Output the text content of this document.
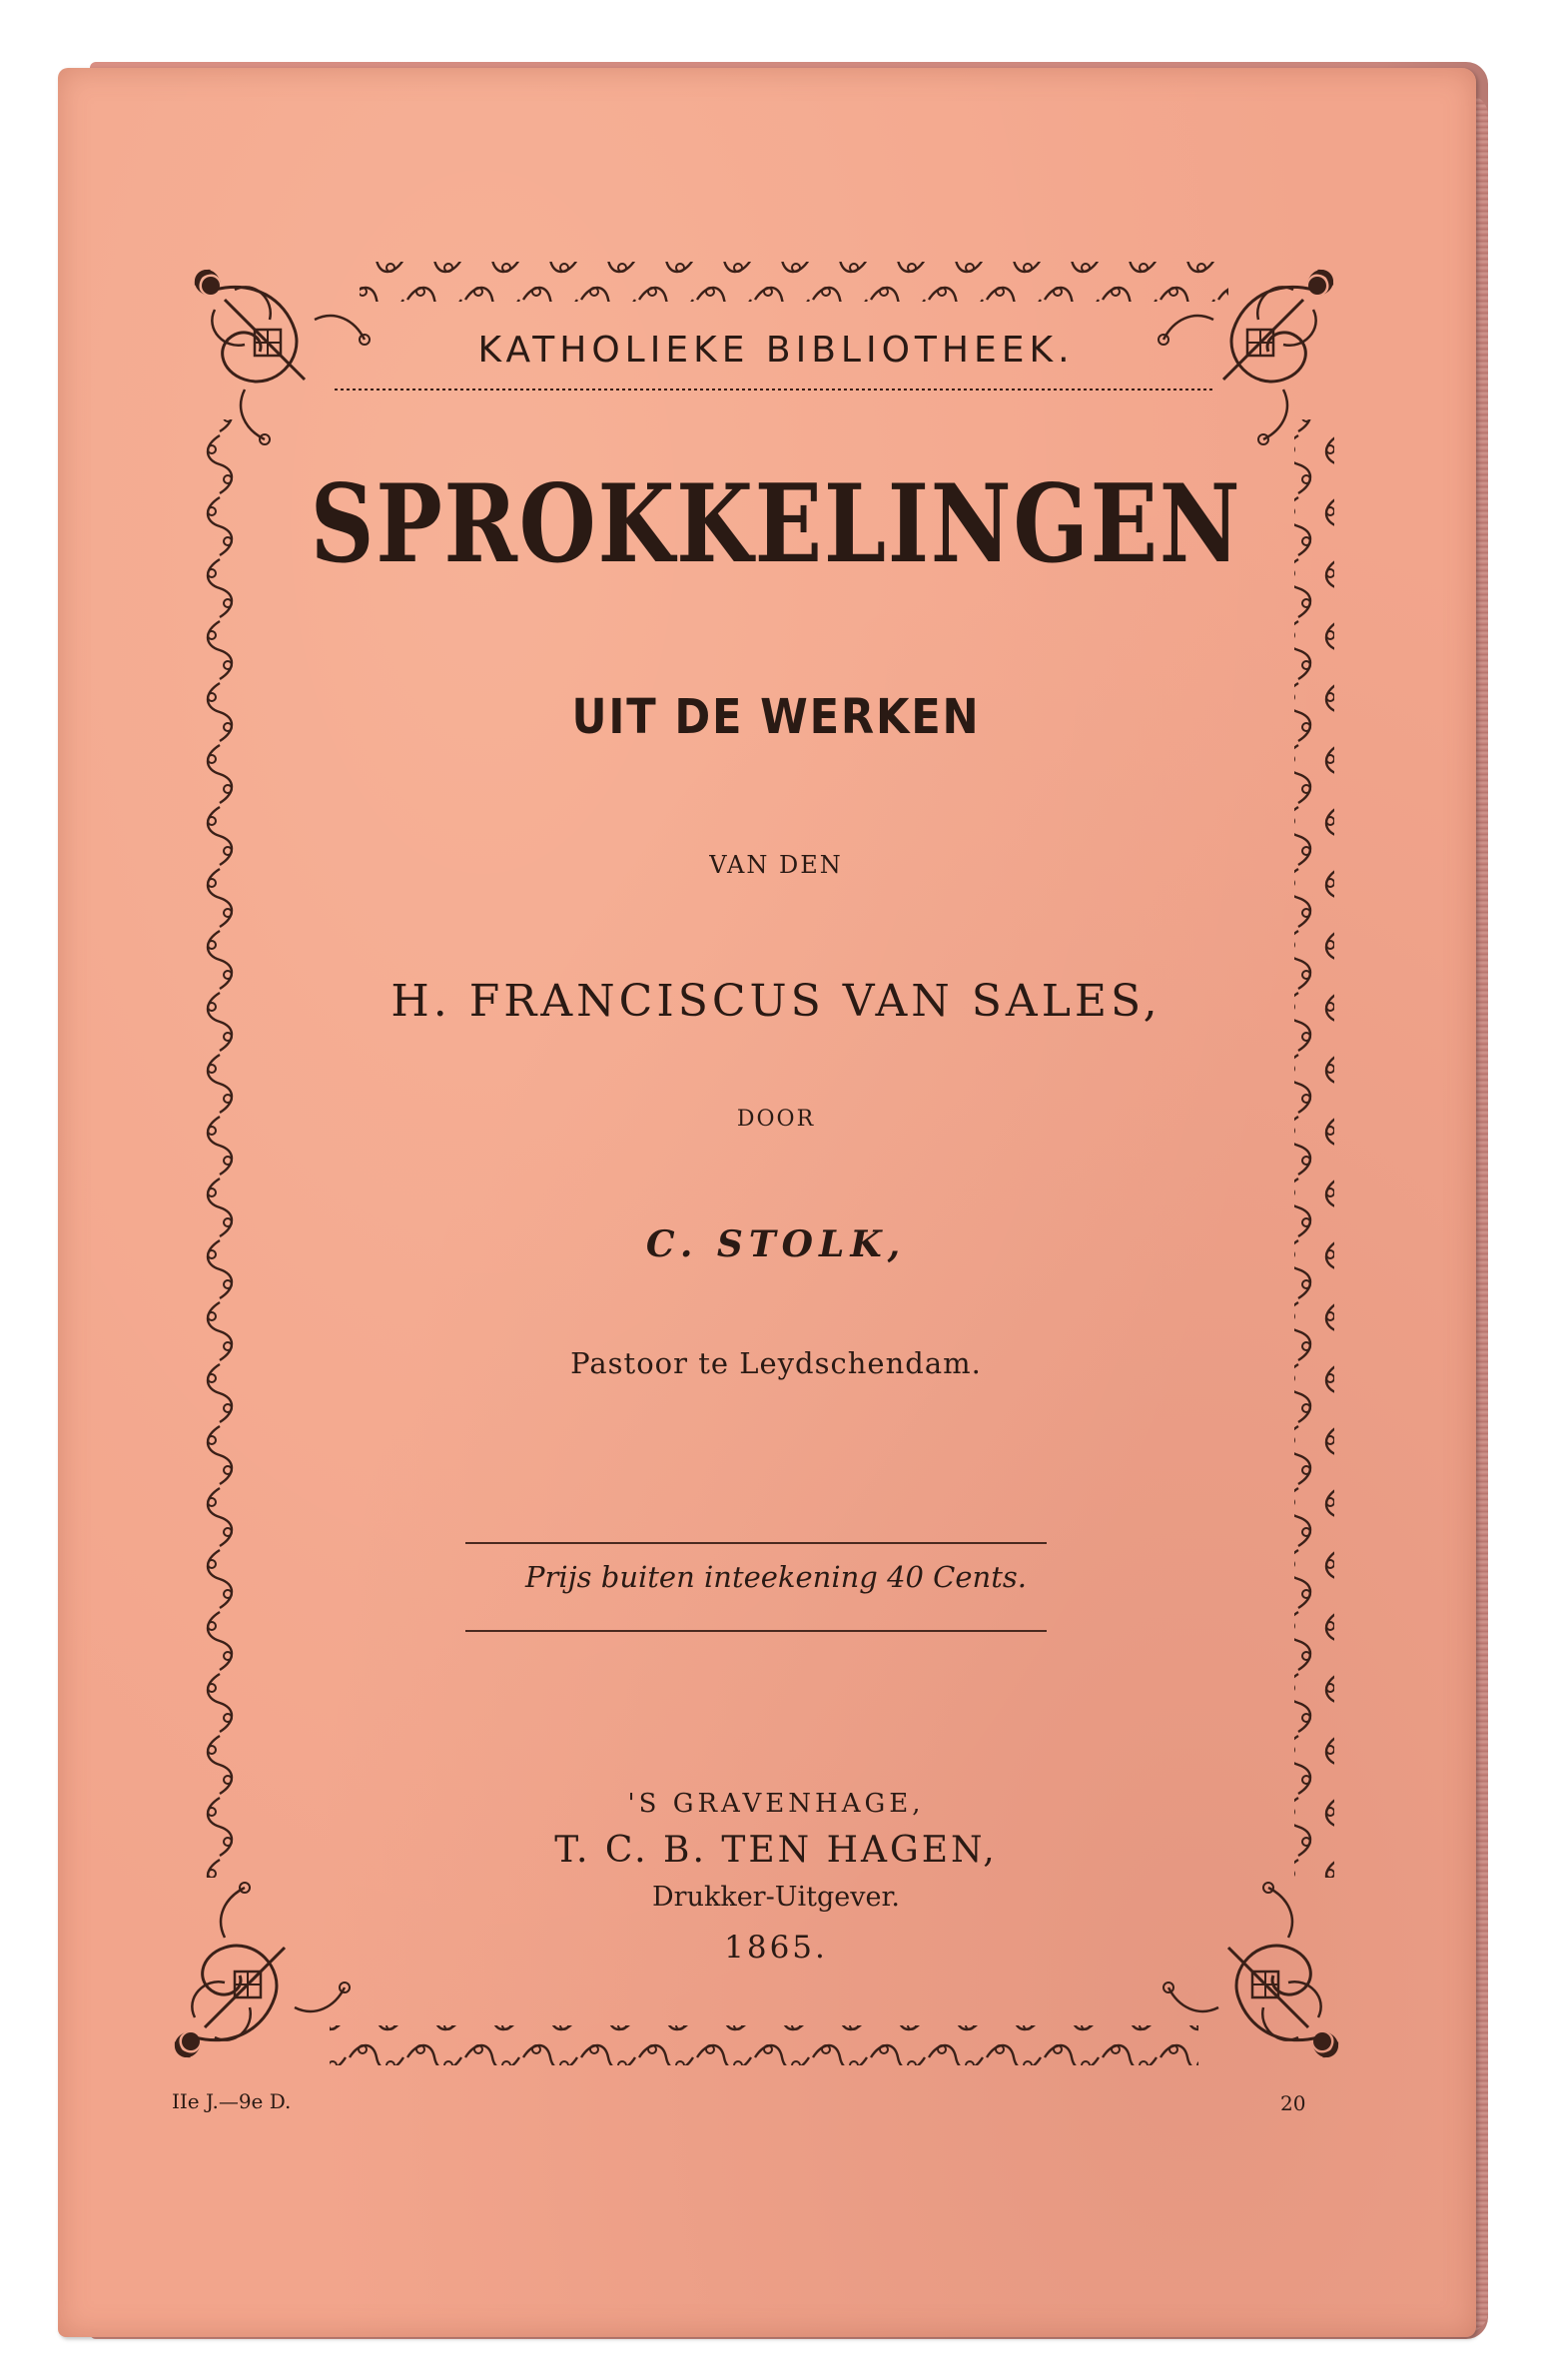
KATHOLIEKE BIBLIOTHEEK.
SPROKKELINGEN
UIT DE WERKEN
VAN DEN
H. FRANCISCUS VAN SALES,
DOOR
C. STOLK,
Pastoor te Leydschendam.
Prijs buiten inteekening 40 Cents.
'S GRAVENHAGE,
T. C. B. TEN HAGEN,
Drukker-Uitgever.
1865.
IIe J.—9e D.	20
